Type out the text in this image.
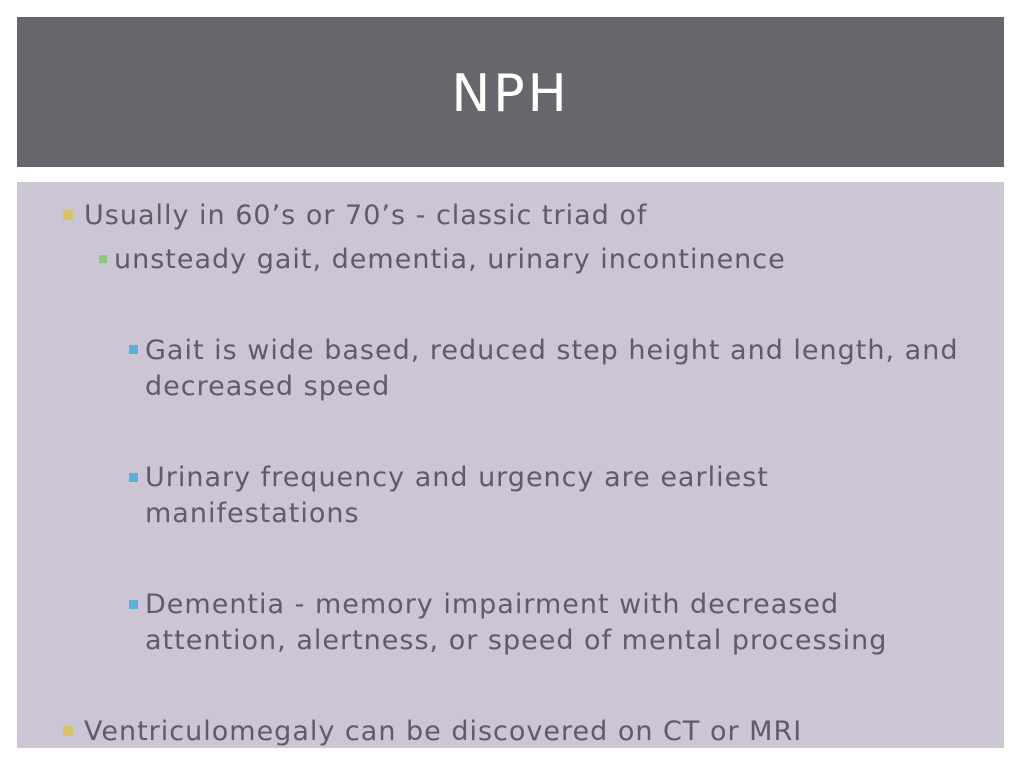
NPH
Usually in 60’s or 70’s - classic triad of
unsteady gait, dementia, urinary incontinence
Gait is wide based, reduced step height and length, and decreased speed
Urinary frequency and urgency are earliest manifestations
Dementia - memory impairment with decreased attention, alertness, or speed of mental processing
Ventriculomegaly can be discovered on CT or MRI
